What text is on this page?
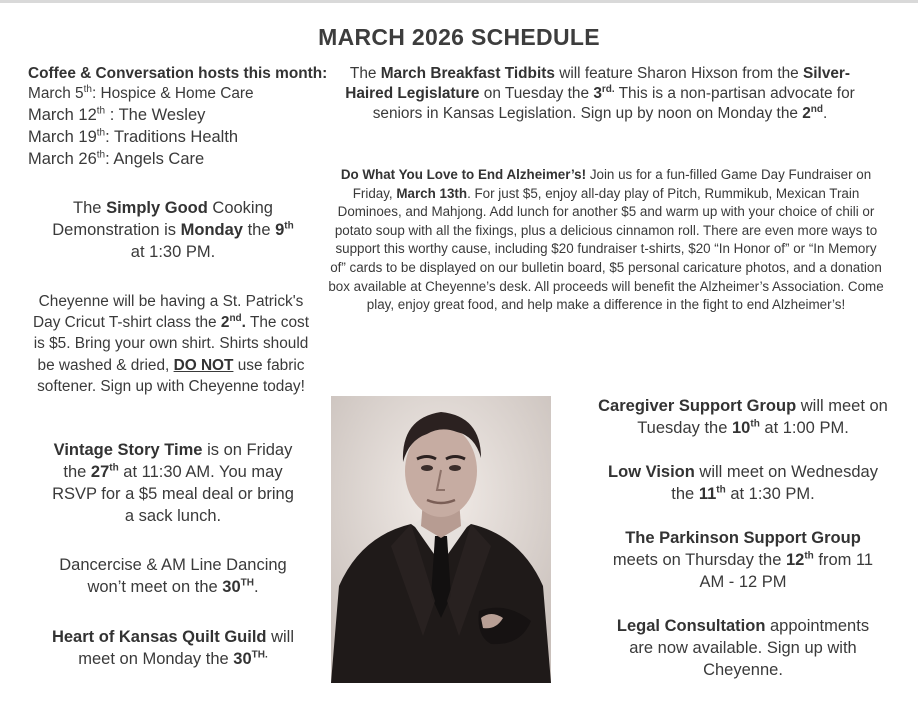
MARCH 2026 SCHEDULE
Coffee & Conversation hosts this month:
March 5th: Hospice & Home Care
March 12th : The Wesley
March 19th: Traditions Health
March 26th: Angels Care
The Simply Good Cooking Demonstration is Monday the 9th at 1:30 PM.
Cheyenne will be having a St. Patrick's Day Cricut T-shirt class the 2nd. The cost is $5. Bring your own shirt. Shirts should be washed & dried, DO NOT use fabric softener. Sign up with Cheyenne today!
Vintage Story Time is on Friday the 27th at 11:30 AM. You may RSVP for a $5 meal deal or bring a sack lunch.
Dancercise & AM Line Dancing won’t meet on the 30TH.
Heart of Kansas Quilt Guild will meet on Monday the $30^{TH.}$
The March Breakfast Tidbits will feature Sharon Hixson from the Silver-Haired Legislature on Tuesday the $3^{rd.}$ This is a non-partisan advocate for seniors in Kansas Legislation. Sign up by noon on Monday the 2nd.
Do What You Love to End Alzheimer’s! Join us for a fun-filled Game Day Fundraiser on Friday, March 13th. For just $5, enjoy all-day play of Pitch, Rummikub, Mexican Train Dominoes, and Mahjong. Add lunch for another $5 and warm up with your choice of chili or potato soup with all the fixings, plus a delicious cinnamon roll. There are even more ways to support this worthy cause, including $20 fundraiser t-shirts, $20 “In Honor of” or “In Memory of” cards to be displayed on our bulletin board, $5 personal caricature photos, and a donation box available at Cheyenne’s desk. All proceeds will benefit the Alzheimer’s Association. Come play, enjoy great food, and help make a difference in the fight to end Alzheimer’s!
Caregiver Support Group will meet on Tuesday the 10th at 1:00 PM.
Low Vision will meet on Wednesday the 11th at 1:30 PM.
The Parkinson Support Group meets on Thursday the 12th from 11 AM - 12 PM
Legal Consultation appointments are now available. Sign up with Cheyenne.
